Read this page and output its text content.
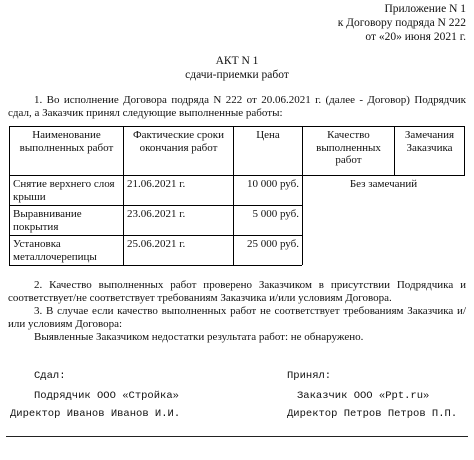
Приложение N 1
к Договору подряда N 222
от «20» июня 2021 г.
АКТ N 1
сдачи-приемки работ
1. Во исполнение Договора подряда N 222 от 20.06.2021 г. (далее - Договор) Подрядчик сдал, а Заказчик принял следующие выполненные работы:
Наименование выполненных работ	Фактические сроки окончания работ	Цена	Качество выполненных работ	Замечания Заказчика
Снятие верхнего слоя крыши	21.06.2021 г.	10 000 руб.	Без замечаний	
Выравнивание покрытия	23.06.2021 г.	5 000 руб.		
Установка металлочерепицы	25.06.2021 г.	25 000 руб.		
2. Качество выполненных работ проверено Заказчиком в присутствии Подрядчика и соответствует/не соответствует требованиям Заказчика и/или условиям Договора.
3. В случае если качество выполненных работ не соответствует требованиям Заказчика и/или условиям Договора:
Выявленные Заказчиком недостатки результата работ: не обнаружено.
Сдал:	Принял:
Подрядчик ООО «Стройка»	Заказчик ООО «Ppt.ru»
Директор Иванов Иванов И.И.	Директор Петров Петров П.П.
